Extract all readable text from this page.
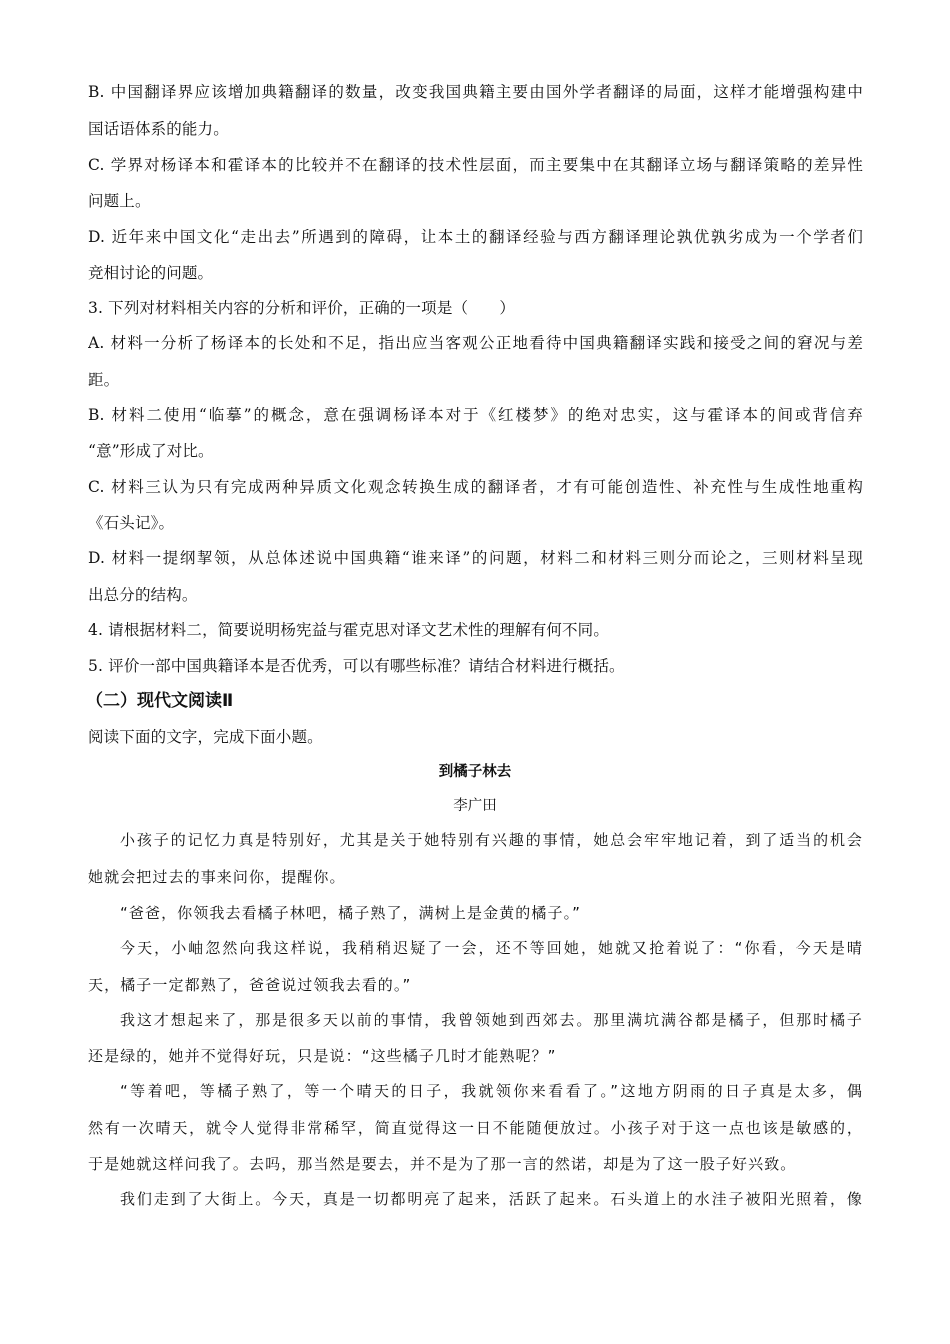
B. 中国翻译界应该增加典籍翻译的数量，改变我国典籍主要由国外学者翻译的局面，这样才能增强构建中
国话语体系的能力。
C. 学界对杨译本和霍译本的比较并不在翻译的技术性层面，而主要集中在其翻译立场与翻译策略的差异性
问题上。
D. 近年来中国文化“走出去”所遇到的障碍，让本土的翻译经验与西方翻译理论孰优孰劣成为一个学者们
竞相讨论的问题。
3. 下列对材料相关内容的分析和评价，正确的一项是（　　）
A. 材料一分析了杨译本的长处和不足，指出应当客观公正地看待中国典籍翻译实践和接受之间的窘况与差
距。
B. 材料二使用“临摹”的概念，意在强调杨译本对于《红楼梦》的绝对忠实，这与霍译本的间或背信弃
“意”形成了对比。
C. 材料三认为只有完成两种异质文化观念转换生成的翻译者，才有可能创造性、补充性与生成性地重构
《石头记》。
D. 材料一提纲挈领，从总体述说中国典籍“谁来译”的问题，材料二和材料三则分而论之，三则材料呈现
出总分的结构。
4. 请根据材料二，简要说明杨宪益与霍克思对译文艺术性的理解有何不同。
5. 评价一部中国典籍译本是否优秀，可以有哪些标准？请结合材料进行概括。
（二）现代文阅读Ⅱ
阅读下面的文字，完成下面小题。
到橘子林去
李广田
小孩子的记忆力真是特别好，尤其是关于她特别有兴趣的事情，她总会牢牢地记着，到了适当的机会
她就会把过去的事来问你，提醒你。
“爸爸，你领我去看橘子林吧，橘子熟了，满树上是金黄的橘子。”
今天，小岫忽然向我这样说，我稍稍迟疑了一会，还不等回她，她就又抢着说了：“你看，今天是晴
天，橘子一定都熟了，爸爸说过领我去看的。”
我这才想起来了，那是很多天以前的事情，我曾领她到西郊去。那里满坑满谷都是橘子，但那时橘子
还是绿的，她并不觉得好玩，只是说：“这些橘子几时才能熟呢？”
“等着吧，等橘子熟了，等一个晴天的日子，我就领你来看看了。”这地方阴雨的日子真是太多，偶
然有一次晴天，就令人觉得非常稀罕，简直觉得这一日不能随便放过。小孩子对于这一点也该是敏感的，
于是她就这样问我了。去吗，那当然是要去，并不是为了那一言的然诺，却是为了这一股子好兴致。
我们走到了大街上。今天，真是一切都明亮了起来，活跃了起来。石头道上的水洼子被阳光照着，像
